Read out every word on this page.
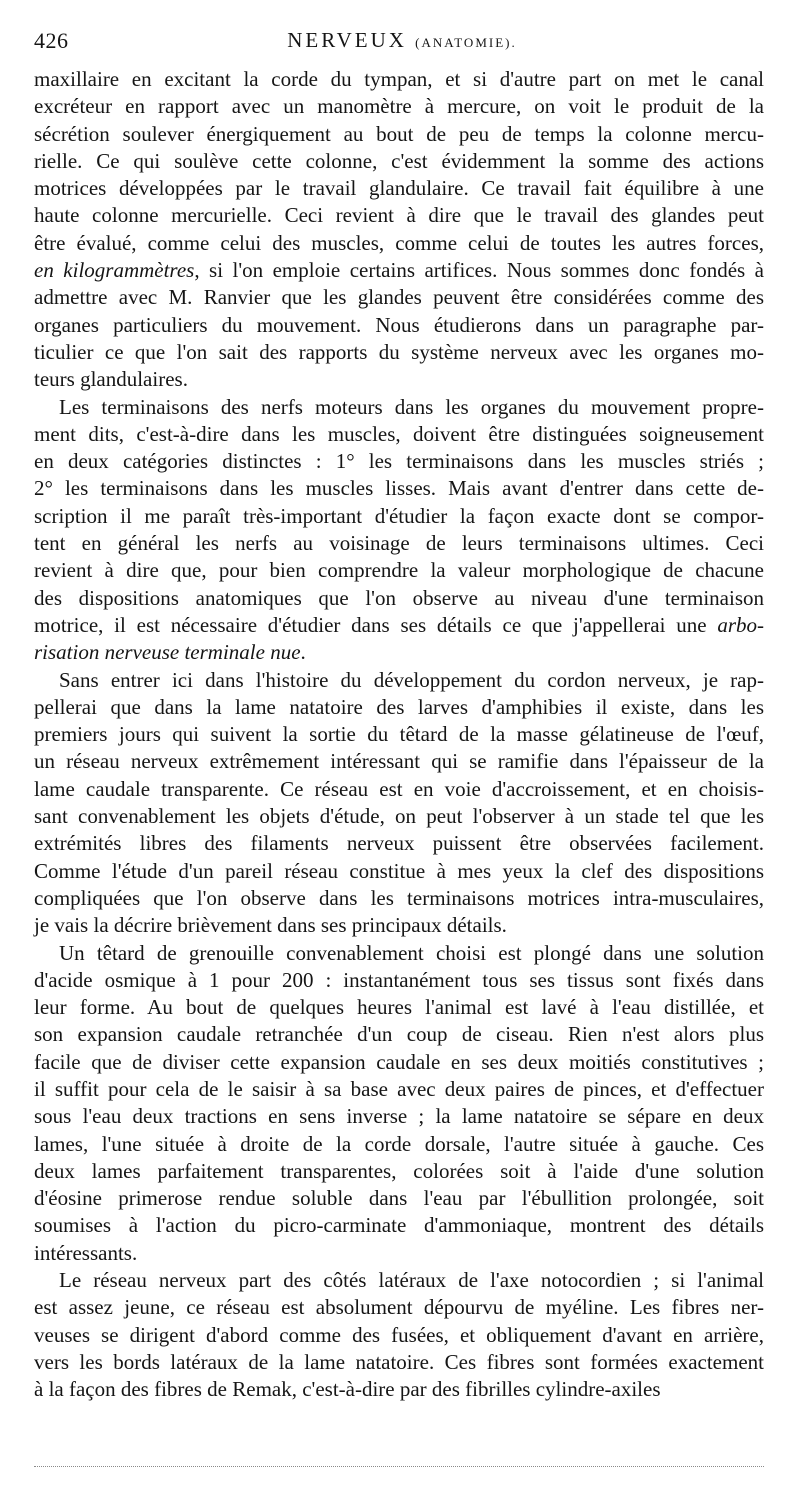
426	NERVEUX (ANATOMIE).
maxillaire en excitant la corde du tympan, et si d'autre part on met le canal
excréteur en rapport avec un manomètre à mercure, on voit le produit de la
sécrétion soulever énergiquement au bout de peu de temps la colonne mercu-
rielle. Ce qui soulève cette colonne, c'est évidemment la somme des actions
motrices développées par le travail glandulaire. Ce travail fait équilibre à une
haute colonne mercurielle. Ceci revient à dire que le travail des glandes peut
être évalué, comme celui des muscles, comme celui de toutes les autres forces,
en kilogrammètres, si l'on emploie certains artifices. Nous sommes donc fondés à
admettre avec M. Ranvier que les glandes peuvent être considérées comme des
organes particuliers du mouvement. Nous étudierons dans un paragraphe par-
ticulier ce que l'on sait des rapports du système nerveux avec les organes mo-
teurs glandulaires.
Les terminaisons des nerfs moteurs dans les organes du mouvement propre-
ment dits, c'est-à-dire dans les muscles, doivent être distinguées soigneusement
en deux catégories distinctes : 1° les terminaisons dans les muscles striés ;
2° les terminaisons dans les muscles lisses. Mais avant d'entrer dans cette de-
scription il me paraît très-important d'étudier la façon exacte dont se compor-
tent en général les nerfs au voisinage de leurs terminaisons ultimes. Ceci
revient à dire que, pour bien comprendre la valeur morphologique de chacune
des dispositions anatomiques que l'on observe au niveau d'une terminaison
motrice, il est nécessaire d'étudier dans ses détails ce que j'appellerai une arbo-
risation nerveuse terminale nue.
Sans entrer ici dans l'histoire du développement du cordon nerveux, je rap-
pellerai que dans la lame natatoire des larves d'amphibies il existe, dans les
premiers jours qui suivent la sortie du têtard de la masse gélatineuse de l'œuf,
un réseau nerveux extrêmement intéressant qui se ramifie dans l'épaisseur de la
lame caudale transparente. Ce réseau est en voie d'accroissement, et en choisis-
sant convenablement les objets d'étude, on peut l'observer à un stade tel que les
extrémités libres des filaments nerveux puissent être observées facilement.
Comme l'étude d'un pareil réseau constitue à mes yeux la clef des dispositions
compliquées que l'on observe dans les terminaisons motrices intra-musculaires,
je vais la décrire brièvement dans ses principaux détails.
Un têtard de grenouille convenablement choisi est plongé dans une solution
d'acide osmique à 1 pour 200 : instantanément tous ses tissus sont fixés dans
leur forme. Au bout de quelques heures l'animal est lavé à l'eau distillée, et
son expansion caudale retranchée d'un coup de ciseau. Rien n'est alors plus
facile que de diviser cette expansion caudale en ses deux moitiés constitutives ;
il suffit pour cela de le saisir à sa base avec deux paires de pinces, et d'effectuer
sous l'eau deux tractions en sens inverse ; la lame natatoire se sépare en deux
lames, l'une située à droite de la corde dorsale, l'autre située à gauche. Ces
deux lames parfaitement transparentes, colorées soit à l'aide d'une solution
d'éosine primerose rendue soluble dans l'eau par l'ébullition prolongée, soit
soumises à l'action du picro-carminate d'ammoniaque, montrent des détails
intéressants.
Le réseau nerveux part des côtés latéraux de l'axe notocordien ; si l'animal
est assez jeune, ce réseau est absolument dépourvu de myéline. Les fibres ner-
veuses se dirigent d'abord comme des fusées, et obliquement d'avant en arrière,
vers les bords latéraux de la lame natatoire. Ces fibres sont formées exactement
à la façon des fibres de Remak, c'est-à-dire par des fibrilles cylindre-axiles
